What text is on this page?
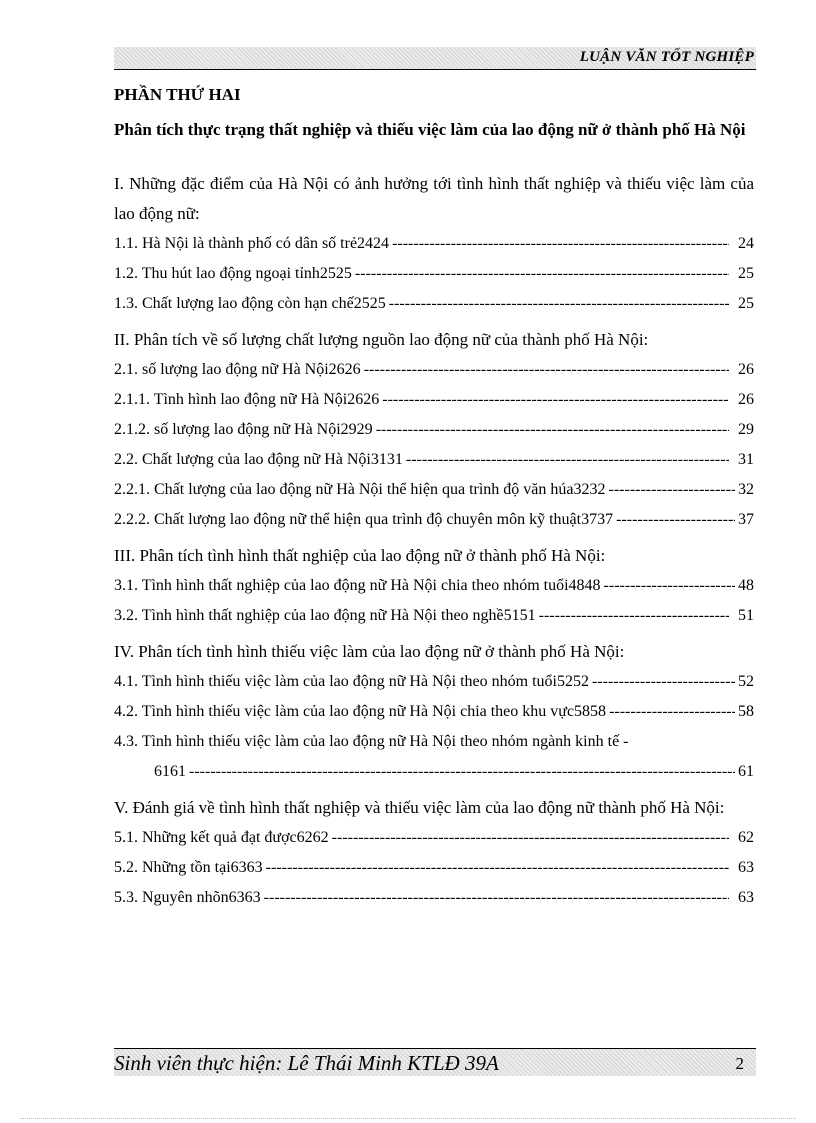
LUẬN VĂN TỐT NGHIỆP
PHẦN THỨ HAI
Phân tích thực trạng thất nghiệp và thiếu việc làm của lao động nữ ở thành phố Hà Nội
I. Những đặc điểm của Hà Nội có ảnh hưởng tới tình hình thất nghiệp và thiếu việc làm của lao động nữ:
1.1. Hà Nội là thành phố có dân số trẻ2424 -----	24
1.2. Thu hút lao động ngoại tỉnh2525 -----	25
1.3. Chất lượng lao động còn hạn chế2525 -----	25
II. Phân tích về số lượng chất lượng nguồn lao động nữ của thành phố Hà Nội:
2.1. số lượng lao động nữ Hà Nội2626 -----	26
2.1.1. Tình hình lao động nữ Hà Nội2626 -----	26
2.1.2. số lượng lao động nữ Hà Nội2929 -----	29
2.2. Chất lượng của lao động nữ Hà Nội3131 -----	31
2.2.1. Chất lượng của lao động nữ Hà Nội thể hiện qua trình độ văn húa3232 -----	32
2.2.2. Chất lượng lao động nữ thể hiện qua trình độ chuyên môn kỹ thuật3737 -----	37
III. Phân tích tình hình thất nghiệp của lao động nữ ở thành phố Hà Nội:
3.1. Tình hình thất nghiệp của lao động nữ Hà Nội chia theo nhóm tuổi4848 -----	48
3.2. Tình hình thất nghiệp của lao động nữ Hà Nội theo nghề5151 -----	51
IV. Phân tích tình hình thiếu việc làm của lao động nữ ở thành phố Hà Nội:
4.1. Tình hình thiếu việc làm của lao động nữ Hà Nội theo nhóm tuổi5252 -----	52
4.2. Tình hình thiếu việc làm của lao động nữ Hà Nội chia theo khu vực5858 -----	58
4.3. Tình hình thiếu việc làm của lao động nữ Hà Nội theo nhóm ngành kinh tế -
6161 -----	61
V. Đánh giá về tình hình thất nghiệp và thiếu việc làm của lao động nữ thành phố Hà Nội:
5.1. Những kết quả đạt được6262 -----	62
5.2. Những tồn tại6363 -----	63
5.3. Nguyên nhõn6363 -----	63
Sinh viên thực hiện: Lê Thái Minh KTLĐ 39A	2
